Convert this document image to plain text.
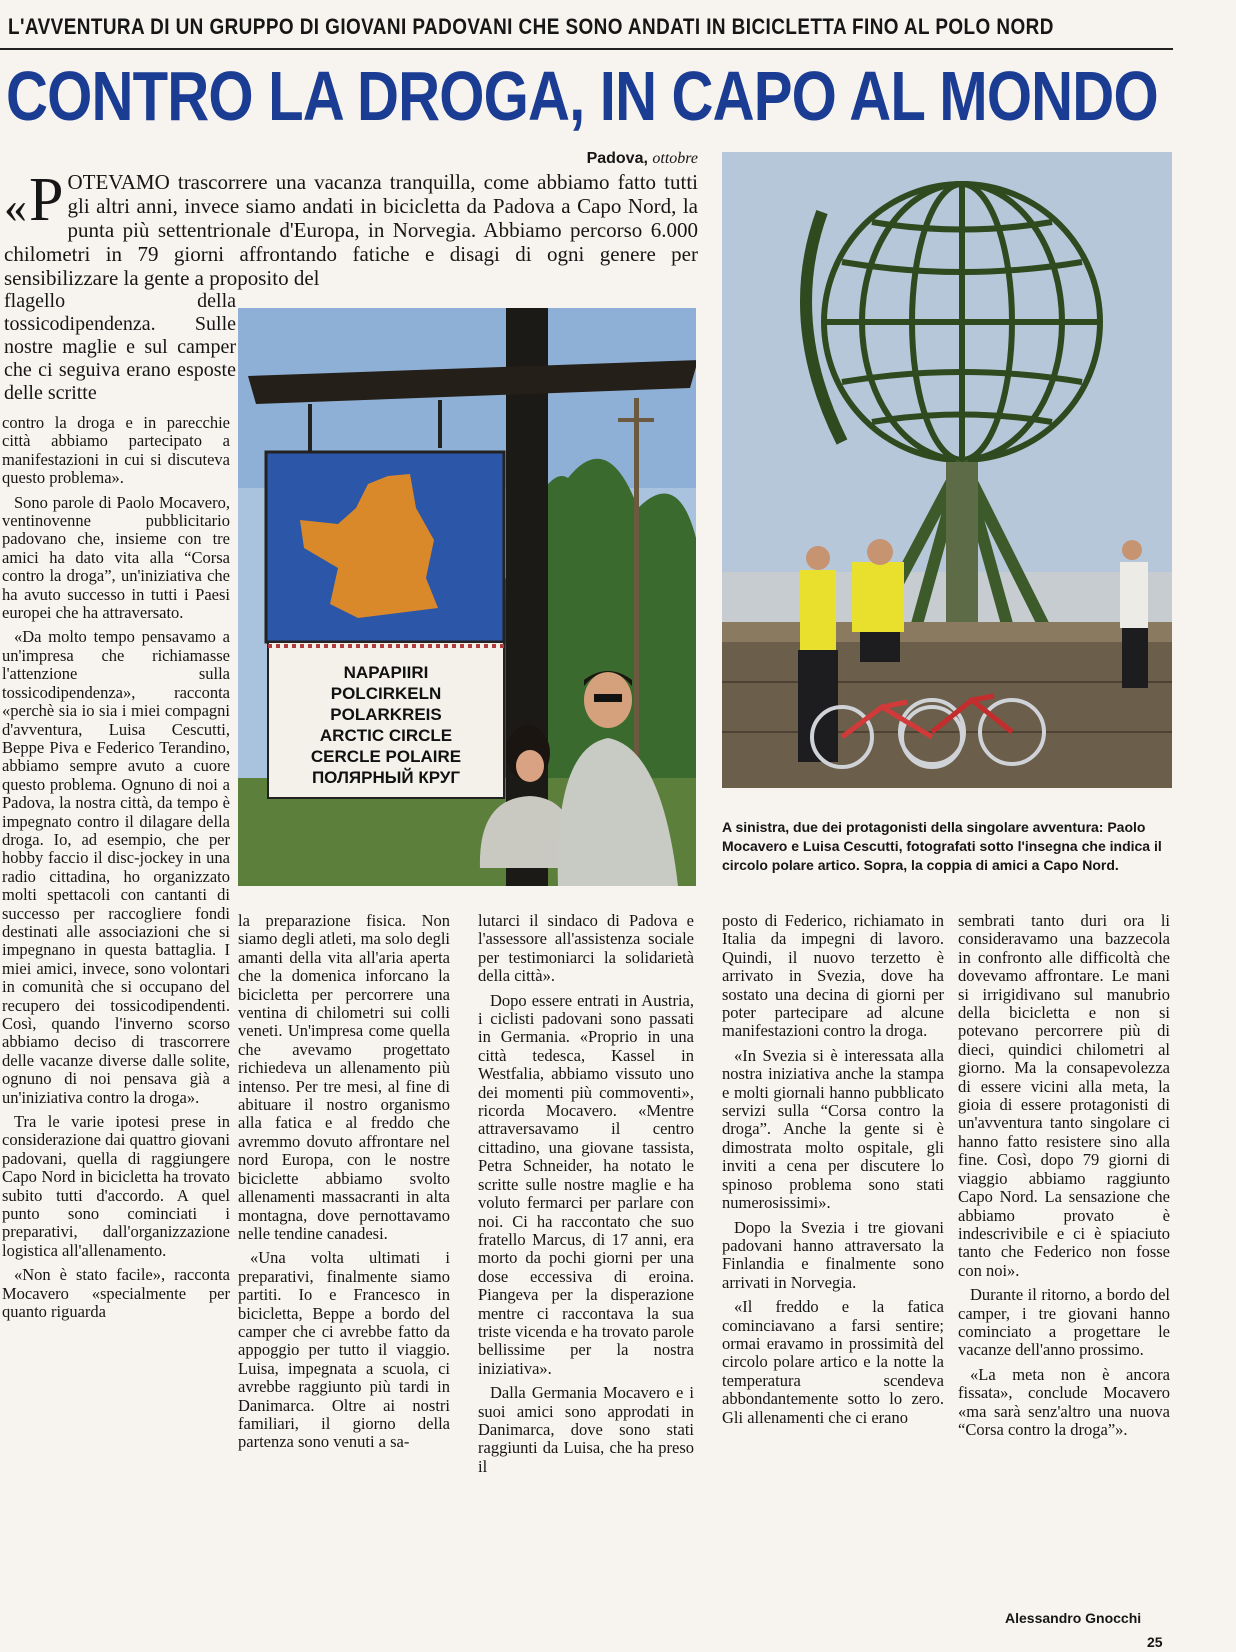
L'AVVENTURA DI UN GRUPPO DI GIOVANI PADOVANI CHE SONO ANDATI IN BICICLETTA FINO AL POLO NORD
CONTRO LA DROGA, IN CAPO AL MONDO
Padova, ottobre
« P OTEVAMO trascorrere una vacanza tranquilla, come abbiamo fatto tutti gli altri anni, invece siamo andati in bicicletta da Padova a Capo Nord, la punta più settentrionale d'Europa, in Norvegia. Abbiamo percorso 6.000 chilometri in 79 giorni affrontando fatiche e disagi di ogni genere per sensibilizzare la gente a proposito del
flagello della tossicodipendenza. Sulle nostre maglie e sul camper che ci seguiva erano esposte delle scritte
NAPAPIIRI
POLCIRKELN
POLARKREIS
ARCTIC CIRCLE
CERCLE POLAIRE
ПОЛЯРНЫЙ КРУГ
A sinistra, due dei protagonisti della singolare avventura: Paolo Mocavero e Luisa Cescutti, fotografati sotto l'insegna che indica il circolo polare artico. Sopra, la coppia di amici a Capo Nord.

contro la droga e in parecchie città abbiamo partecipato a manifestazioni in cui si discuteva questo problema».

Sono parole di Paolo Mocavero, ventinovenne pubblicitario padovano che, insieme con tre amici ha dato vita alla “Corsa contro la droga”, un'iniziativa che ha avuto successo in tutti i Paesi europei che ha attraversato.

«Da molto tempo pensavamo a un'impresa che richiamasse l'attenzione sulla tossicodipendenza», racconta «perchè sia io sia i miei compagni d'avventura, Luisa Cescutti, Beppe Piva e Federico Terandino, abbiamo sempre avuto a cuore questo problema. Ognuno di noi a Padova, la nostra città, da tempo è impegnato contro il dilagare della droga. Io, ad esempio, che per hobby faccio il disc-jockey in una radio cittadina, ho organizzato molti spettacoli con cantanti di successo per raccogliere fondi destinati alle associazioni che si impegnano in questa battaglia. I miei amici, invece, sono volontari in comunità che si occupano del recupero dei tossicodipendenti. Così, quando l'inverno scorso abbiamo deciso di trascorrere delle vacanze diverse dalle solite, ognuno di noi pensava già a un'iniziativa contro la droga».

Tra le varie ipotesi prese in considerazione dai quattro giovani padovani, quella di raggiungere Capo Nord in bicicletta ha trovato subito tutti d'accordo. A quel punto sono cominciati i preparativi, dall'organizzazione logistica all'allenamento.

«Non è stato facile», racconta Mocavero «specialmente per quanto riguarda

la preparazione fisica. Non siamo degli atleti, ma solo degli amanti della vita all'aria aperta che la domenica inforcano la bicicletta per percorrere una ventina di chilometri sui colli veneti. Un'impresa come quella che avevamo progettato richiedeva un allenamento più intenso. Per tre mesi, al fine di abituare il nostro organismo alla fatica e al freddo che avremmo dovuto affrontare nel nord Europa, con le nostre biciclette abbiamo svolto allenamenti massacranti in alta montagna, dove pernottavamo nelle tendine canadesi.

«Una volta ultimati i preparativi, finalmente siamo partiti. Io e Francesco in bicicletta, Beppe a bordo del camper che ci avrebbe fatto da appoggio per tutto il viaggio. Luisa, impegnata a scuola, ci avrebbe raggiunto più tardi in Danimarca. Oltre ai nostri familiari, il giorno della partenza sono venuti a sa-

lutarci il sindaco di Padova e l'assessore all'assistenza sociale per testimoniarci la solidarietà della città».

Dopo essere entrati in Austria, i ciclisti padovani sono passati in Germania. «Proprio in una città tedesca, Kassel in Westfalia, abbiamo vissuto uno dei momenti più commoventi», ricorda Mocavero. «Mentre attraversavamo il centro cittadino, una giovane tassista, Petra Schneider, ha notato le scritte sulle nostre maglie e ha voluto fermarci per parlare con noi. Ci ha raccontato che suo fratello Marcus, di 17 anni, era morto da pochi giorni per una dose eccessiva di eroina. Piangeva per la disperazione mentre ci raccontava la sua triste vicenda e ha trovato parole bellissime per la nostra iniziativa».

Dalla Germania Mocavero e i suoi amici sono approdati in Danimarca, dove sono stati raggiunti da Luisa, che ha preso il

posto di Federico, richiamato in Italia da impegni di lavoro. Quindi, il nuovo terzetto è arrivato in Svezia, dove ha sostato una decina di giorni per poter partecipare ad alcune manifestazioni contro la droga.

«In Svezia si è interessata alla nostra iniziativa anche la stampa e molti giornali hanno pubblicato servizi sulla “Corsa contro la droga”. Anche la gente si è dimostrata molto ospitale, gli inviti a cena per discutere lo spinoso problema sono stati numerosissimi».

Dopo la Svezia i tre giovani padovani hanno attraversato la Finlandia e finalmente sono arrivati in Norvegia.

«Il freddo e la fatica cominciavano a farsi sentire; ormai eravamo in prossimità del circolo polare artico e la notte la temperatura scendeva abbondantemente sotto lo zero. Gli allenamenti che ci erano

sembrati tanto duri ora li consideravamo una bazzecola in confronto alle difficoltà che dovevamo affrontare. Le mani si irrigidivano sul manubrio della bicicletta e non si potevano percorrere più di dieci, quindici chilometri al giorno. Ma la consapevolezza di essere vicini alla meta, la gioia di essere protagonisti di un'avventura tanto singolare ci hanno fatto resistere sino alla fine. Così, dopo 79 giorni di viaggio abbiamo raggiunto Capo Nord. La sensazione che abbiamo provato è indescrivibile e ci è spiaciuto tanto che Federico non fosse con noi».

Durante il ritorno, a bordo del camper, i tre giovani hanno cominciato a progettare le vacanze dell'anno prossimo.

«La meta non è ancora fissata», conclude Mocavero «ma sarà senz'altro una nuova “Corsa contro la droga”».

Alessandro Gnocchi
25
